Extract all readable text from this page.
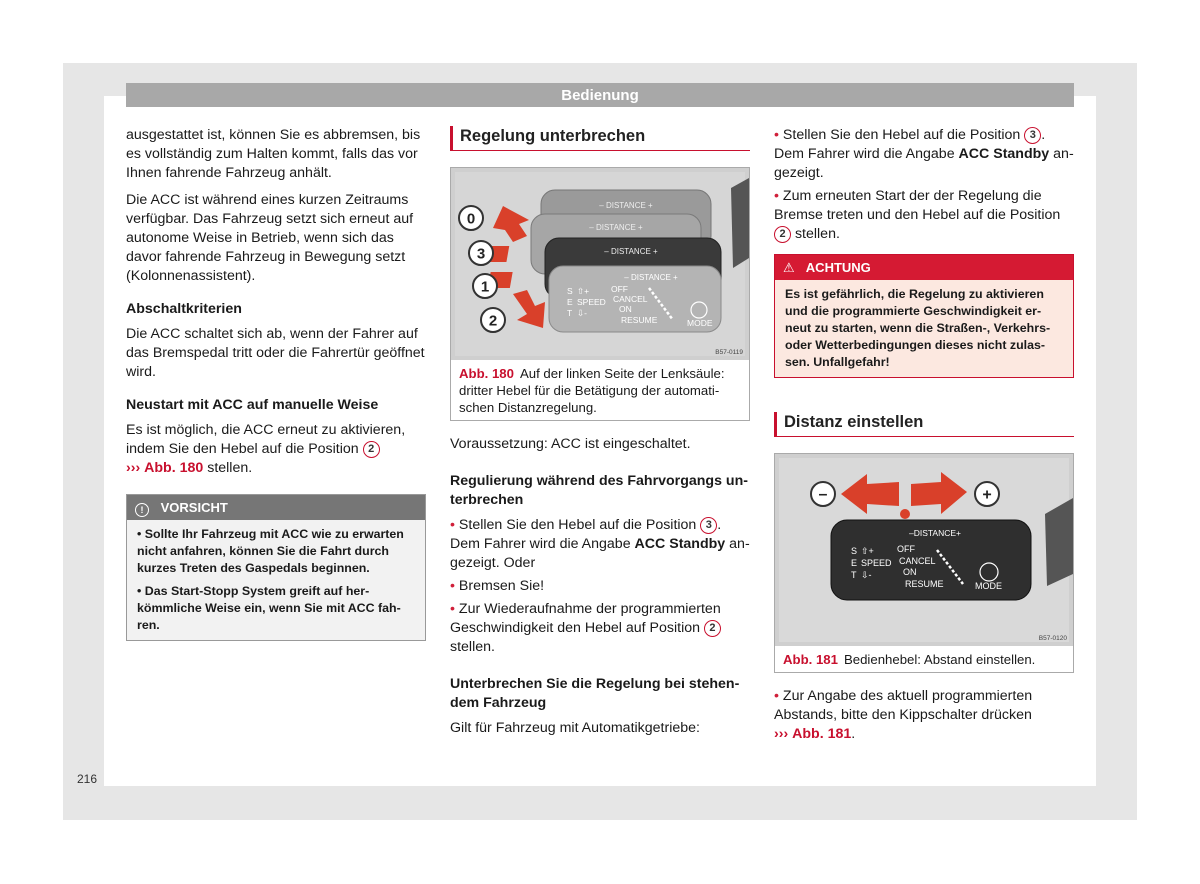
Bedienung
216

ausgestattet ist, können Sie es abbremsen, bis es vollständig zum Halten kommt, falls das vor Ihnen fahrende Fahrzeug anhält.

Die ACC ist während eines kurzen Zeitraums verfügbar. Das Fahrzeug setzt sich erneut auf autonome Weise in Betrieb, wenn sich das davor fahrende Fahrzeug in Bewegung setzt (Kolonnenassistent).

Abschaltkriterien

Die ACC schaltet sich ab, wenn der Fahrer auf das Bremspedal tritt oder die Fahrertür geöffnet wird.

Neustart mit ACC auf manuelle Weise

Es ist möglich, die ACC erneut zu aktivieren, indem Sie den Hebel auf die Position 2
››› Abb. 180 stellen.

! VORSICHT
• Sollte Ihr Fahrzeug mit ACC wie zu erwarten nicht anfahren, können Sie die Fahrt durch kurzes Treten des Gaspedals beginnen.
• Das Start-Stopp System greift auf herkömmliche Weise ein, wenn Sie mit ACC fahren.
Regelung unterbrechen
– DISTANCE +
– DISTANCE +
– DISTANCE +
– DISTANCE +
S
E
T
⇧+
SPEED
⇩-
OFF
CANCEL
ON
RESUME	MODE
0
3
1
2
B57-0119
Abb. 180 Auf der linken Seite der Lenksäule: dritter Hebel für die Betätigung der automatischen Distanzregelung.

Voraussetzung: ACC ist eingeschaltet.

Regulierung während des Fahrvorgangs unterbrechen

• Stellen Sie den Hebel auf die Position 3 . Dem Fahrer wird die Angabe ACC Standby angezeigt. Oder

• Bremsen Sie!

• Zur Wiederaufnahme der programmierten Geschwindigkeit den Hebel auf Position 2 stellen.

Unterbrechen Sie die Regelung bei stehendem Fahrzeug

Gilt für Fahrzeug mit Automatikgetriebe:

• Stellen Sie den Hebel auf die Position 3 . Dem Fahrer wird die Angabe ACC Standby angezeigt.

• Zum erneuten Start der der Regelung die Bremse treten und den Hebel auf die Position 2 stellen.

⚠ ACHTUNG
Es ist gefährlich, die Regelung zu aktivieren und die programmierte Geschwindigkeit erneut zu starten, wenn die Straßen-, Verkehrs- oder Wetterbedingungen dieses nicht zulassen. Unfallgefahr!
Distanz einstellen
–	+
–DISTANCE+
S
E
T
⇧+
SPEED
⇩-
OFF
CANCEL
ON
RESUME	MODE
B57-0120
Abb. 181 Bedienhebel: Abstand einstellen.

• Zur Angabe des aktuell programmierten Abstands, bitte den Kippschalter drücken
››› Abb. 181.
